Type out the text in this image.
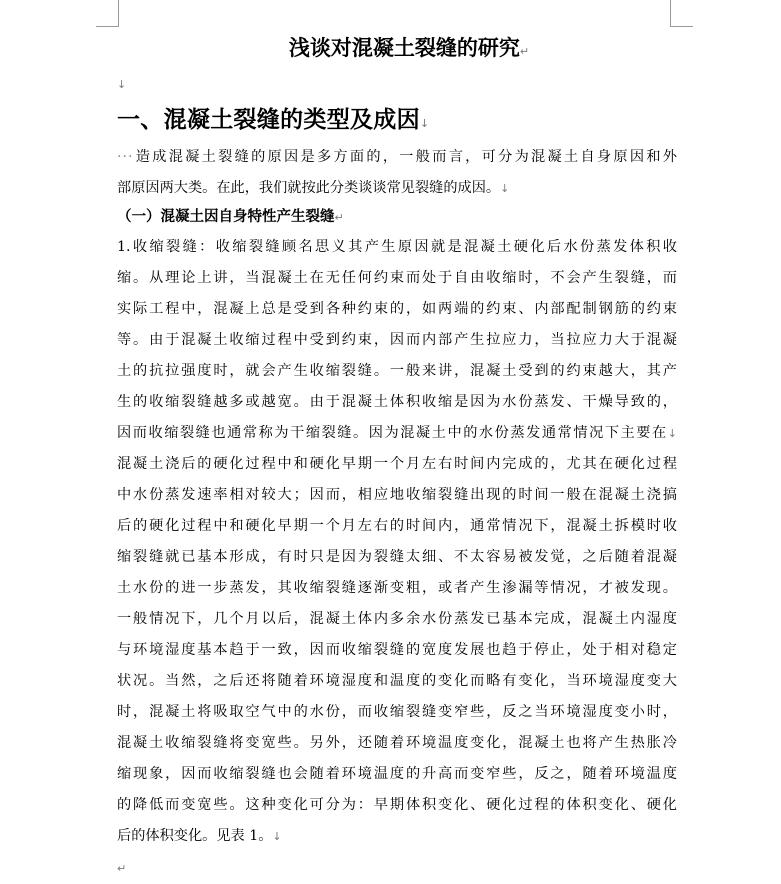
浅谈对混凝土裂缝的研究↵
↓
一、混凝土裂缝的类型及成因↓
···造成混凝土裂缝的原因是多方面的，一般而言，可分为混凝土自身原因和外
部原因两大类。在此，我们就按此分类谈谈常见裂缝的成因。↓
（一）混凝土因自身特性产生裂缝↵
1.收缩裂缝：收缩裂缝顾名思义其产生原因就是混凝土硬化后水份蒸发体积收
缩。从理论上讲，当混凝土在无任何约束而处于自由收缩时，不会产生裂缝，而
实际工程中，混凝上总是受到各种约束的，如两端的约束、内部配制钢筋的约束
等。由于混凝土收缩过程中受到约束，因而内部产生拉应力，当拉应力大于混凝
土的抗拉强度时，就会产生收缩裂缝。一般来讲，混凝土受到的约束越大，其产
生的收缩裂缝越多或越宽。由于混凝土体积收缩是因为水份蒸发、干燥导致的，
因而收缩裂缝也通常称为干缩裂缝。因为混凝土中的水份蒸发通常情况下主要在↓
混凝土浇后的硬化过程中和硬化早期一个月左右时间内完成的，尤其在硬化过程
中水份蒸发速率相对较大；因而，相应地收缩裂缝出现的时间一般在混凝土浇搞
后的硬化过程中和硬化早期一个月左右的时间内，通常情况下，混凝土拆模时收
缩裂缝就已基本形成，有时只是因为裂缝太细、不太容易被发觉，之后随着混凝
土水份的进一步蒸发，其收缩裂缝逐渐变粗，或者产生渗漏等情况，才被发现。
一般情况下，几个月以后，混凝土体内多余水份蒸发已基本完成，混凝土内湿度
与环境湿度基本趋于一致，因而收缩裂缝的宽度发展也趋于停止，处于相对稳定
状况。当然，之后还将随着环境湿度和温度的变化而略有变化，当环境湿度变大
时，混凝土将吸取空气中的水份，而收缩裂缝变窄些，反之当环境湿度变小时，
混凝土收缩裂缝将变宽些。另外，还随着环境温度变化，混凝土也将产生热胀冷
缩现象，因而收缩裂缝也会随着环境温度的升高而变窄些，反之，随着环境温度
的降低而变宽些。这种变化可分为：早期体积变化、硬化过程的体积变化、硬化
后的体积变化。见表 1。↓
↵
